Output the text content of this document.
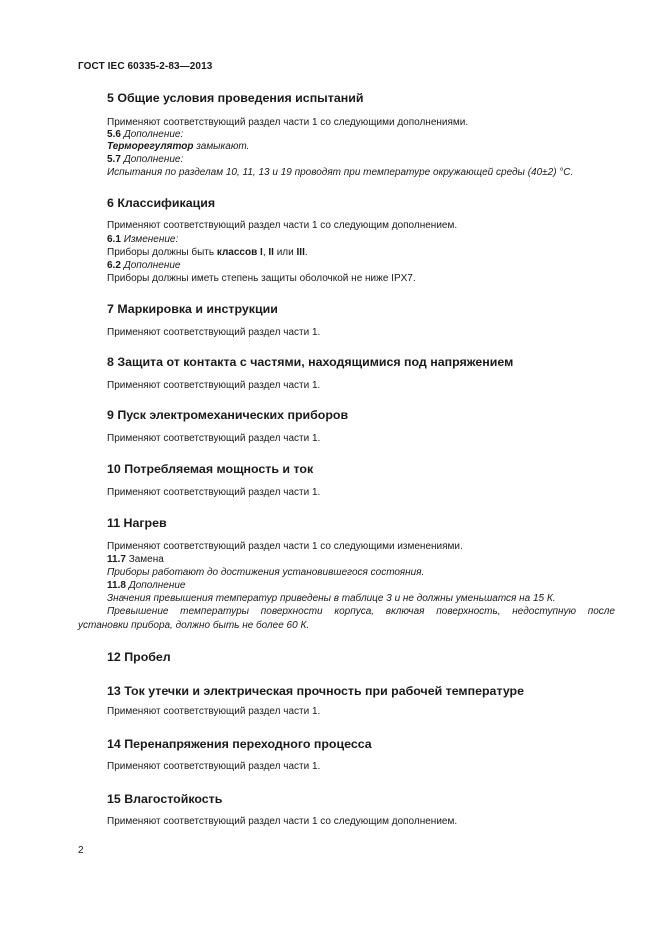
ГОСТ IEC 60335-2-83—2013
5 Общие условия проведения испытаний
Применяют соответствующий раздел части 1 со следующими дополнениями.
5.6 Дополнение:
Терморегулятор замыкают.
5.7 Дополнение:
Испытания по разделам 10, 11, 13 и 19 проводят при температуре окружающей среды (40±2) °C.
6 Классификация
Применяют соответствующий раздел части 1 со следующим дополнением.
6.1 Изменение:
Приборы должны быть классов I, II или III.
6.2 Дополнение
Приборы должны иметь степень защиты оболочкой не ниже IPX7.
7 Маркировка и инструкции
Применяют соответствующий раздел части 1.
8 Защита от контакта с частями, находящимися под напряжением
Применяют соответствующий раздел части 1.
9 Пуск электромеханических приборов
Применяют соответствующий раздел части 1.
10 Потребляемая мощность и ток
Применяют соответствующий раздел части 1.
11 Нагрев
Применяют соответствующий раздел части 1 со следующими изменениями.
11.7 Замена
Приборы работают до достижения установившегося состояния.
11.8 Дополнение
Значения превышения температур приведены в таблице 3 и не должны уменьшатся на 15 К.
Превышение температуры поверхности корпуса, включая поверхность, недоступную после
установки прибора, должно быть не более 60 К.
12 Пробел
13 Ток утечки и электрическая прочность при рабочей температуре
Применяют соответствующий раздел части 1.
14 Перенапряжения переходного процесса
Применяют соответствующий раздел части 1.
15 Влагостойкость
Применяют соответствующий раздел части 1 со следующим дополнением.
2
